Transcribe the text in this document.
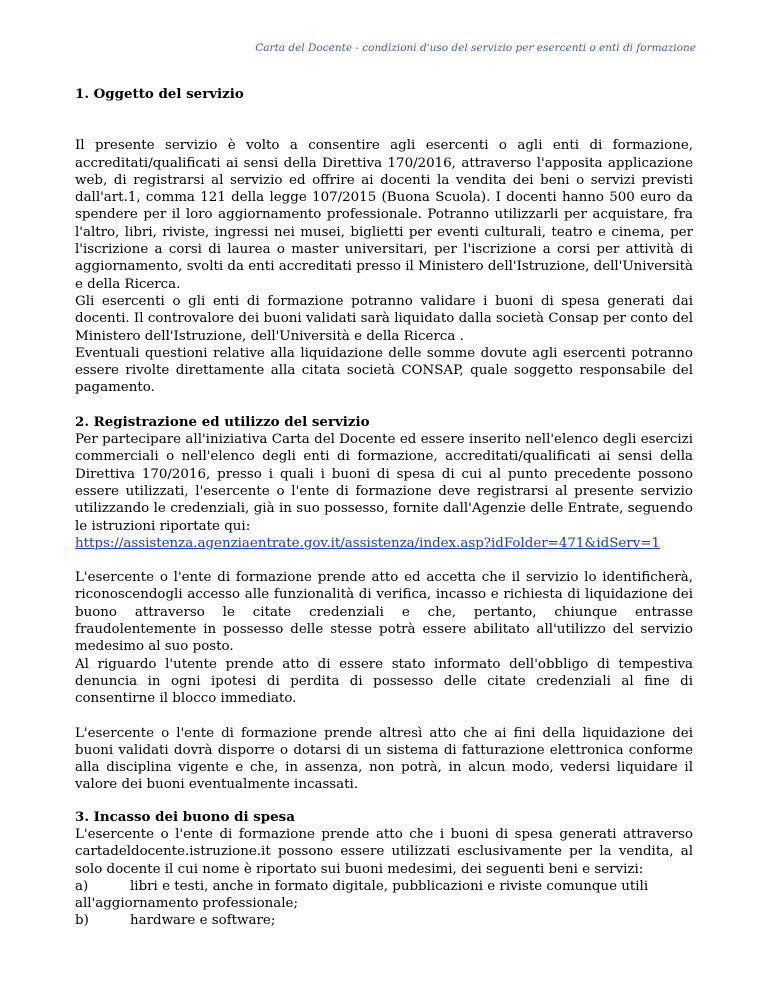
Carta del Docente - condizioni d'uso del servizio per esercenti o enti di formazione
1. Oggetto del servizio

Il presente servizio è volto a consentire agli esercenti o agli enti di formazione, accreditati/qualificati ai sensi della Direttiva 170/2016, attraverso l'apposita applicazione web, di registrarsi al servizio ed offrire ai docenti la vendita dei beni o servizi previsti dall'art.1, comma 121 della legge 107/2015 (Buona Scuola). I docenti hanno 500 euro da spendere per il loro aggiornamento professionale. Potranno utilizzarli per acquistare, fra l'altro, libri, riviste, ingressi nei musei, biglietti per eventi culturali, teatro e cinema, per l'iscrizione a corsi di laurea o master universitari, per l'iscrizione a corsi per attività di aggiornamento, svolti da enti accreditati presso il Ministero dell'Istruzione, dell'Università e della Ricerca.

Gli esercenti o gli enti di formazione potranno validare i buoni di spesa generati dai docenti. Il controvalore dei buoni validati sarà liquidato dalla società Consap per conto del Ministero dell'Istruzione, dell'Università e della Ricerca .

Eventuali questioni relative alla liquidazione delle somme dovute agli esercenti potranno essere rivolte direttamente alla citata società CONSAP, quale soggetto responsabile del pagamento.

2. Registrazione ed utilizzo del servizio

Per partecipare all'iniziativa Carta del Docente ed essere inserito nell'elenco degli esercizi commerciali o nell'elenco degli enti di formazione, accreditati/qualificati ai sensi della Direttiva 170/2016, presso i quali i buoni di spesa di cui al punto precedente possono essere utilizzati, l'esercente o l'ente di formazione deve registrarsi al presente servizio utilizzando le credenziali, già in suo possesso, fornite dall'Agenzie delle Entrate, seguendo le istruzioni riportate qui:

https://assistenza.agenziaentrate.gov.it/assistenza/index.asp?idFolder=471&idServ=1

L'esercente o l'ente di formazione prende atto ed accetta che il servizio lo identificherà, riconoscendogli accesso alle funzionalità di verifica, incasso e richiesta di liquidazione dei buono attraverso le citate credenziali e che, pertanto, chiunque entrasse fraudolentemente in possesso delle stesse potrà essere abilitato all'utilizzo del servizio medesimo al suo posto.

Al riguardo l'utente prende atto di essere stato informato dell'obbligo di tempestiva denuncia in ogni ipotesi di perdita di possesso delle citate credenziali al fine di consentirne il blocco immediato.

L'esercente o l'ente di formazione prende altresì atto che ai fini della liquidazione dei buoni validati dovrà disporre o dotarsi di un sistema di fatturazione elettronica conforme alla disciplina vigente e che, in assenza, non potrà, in alcun modo, vedersi liquidare il valore dei buoni eventualmente incassati.

3. Incasso dei buono di spesa

L'esercente o l'ente di formazione prende atto che i buoni di spesa generati attraverso cartadeldocente.istruzione.it possono essere utilizzati esclusivamente per la vendita, al solo docente il cui nome è riportato sui buoni medesimi, dei seguenti beni e servizi:

a)	libri e testi, anche in formato digitale, pubblicazioni e riviste comunque utili
all'aggiornamento professionale;
b)	hardware e software;
